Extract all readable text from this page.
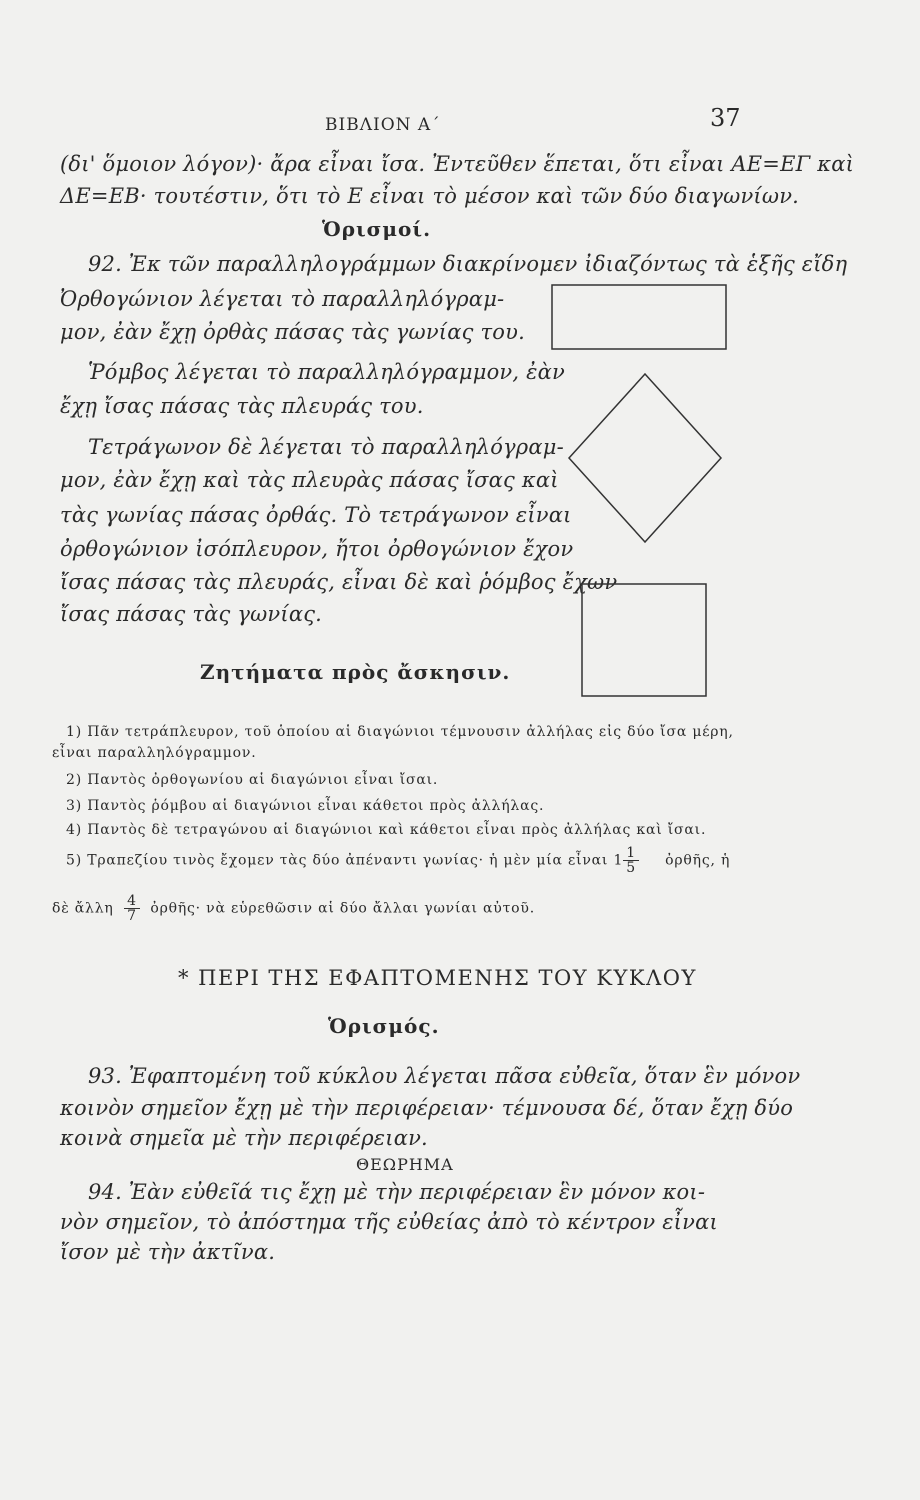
ΒΙΒΛΙΟΝ Α΄	37
(δι' ὅμοιον λόγον)· ἄρα εἶναι ἴσα. Ἐντεῦθεν ἕπεται, ὅτι εἶναι ΑΕ=ΕΓ καὶ
ΔΕ=ΕΒ· τουτέστιν, ὅτι τὸ Ε εἶναι τὸ μέσον καὶ τῶν δύο διαγωνίων.
Ὁρισμοί.
92. Ἐκ τῶν παραλληλογράμμων διακρίνομεν ἰδιαζόντως τὰ ἑξῆς εἴδη
Ὀρθογώνιον λέγεται τὸ παραλληλόγραμ-
μον, ἐὰν ἔχῃ ὀρθὰς πάσας τὰς γωνίας του.
Ῥόμβος λέγεται τὸ παραλληλόγραμμον, ἐὰν
ἔχῃ ἴσας πάσας τὰς πλευράς του.
Τετράγωνον δὲ λέγεται τὸ παραλληλόγραμ-
μον, ἐὰν ἔχῃ καὶ τὰς πλευρὰς πάσας ἴσας καὶ
τὰς γωνίας πάσας ὀρθάς. Τὸ τετράγωνον εἶναι
ὀρθογώνιον ἰσόπλευρον, ἤτοι ὀρθογώνιον ἔχον
ἴσας πάσας τὰς πλευράς, εἶναι δὲ καὶ ῥόμβος ἔχων
ἴσας πάσας τὰς γωνίας.
Ζητήματα πρὸς ἄσκησιν.
1) Πᾶν τετράπλευρον, τοῦ ὁποίου αἱ διαγώνιοι τέμνουσιν ἀλλήλας εἰς δύο ἴσα μέρη,
εἶναι παραλληλόγραμμον.
2) Παντὸς ὀρθογωνίου αἱ διαγώνιοι εἶναι ἴσαι.
3) Παντὸς ῥόμβου αἱ διαγώνιοι εἶναι κάθετοι πρὸς ἀλλήλας.
4) Παντὸς δὲ τετραγώνου αἱ διαγώνιοι καὶ κάθετοι εἶναι πρὸς ἀλλήλας καὶ ἴσαι.
5) Τραπεζίου τινὸς ἔχομεν τὰς δύο ἀπέναντι γωνίας· ἡ μὲν μία εἶναι $1 \frac{1}{5}$ ὀρθῆς, ἡ
δὲ ἄλλη $\frac{4}{7}$ ὀρθῆς· νὰ εὑρεθῶσιν αἱ δύο ἄλλαι γωνίαι αὐτοῦ.
* ΠΕΡΙ ΤΗΣ ΕΦΑΠΤΟΜΕΝΗΣ ΤΟΥ ΚΥΚΛΟΥ
Ὁρισμός.
93. Ἐφαπτομένη τοῦ κύκλου λέγεται πᾶσα εὐθεῖα, ὅταν ἓν μόνον
κοινὸν σημεῖον ἔχῃ μὲ τὴν περιφέρειαν· τέμνουσα δέ, ὅταν ἔχῃ δύο
κοινὰ σημεῖα μὲ τὴν περιφέρειαν.
ΘΕΩΡΗΜΑ
94. Ἐὰν εὐθεῖά τις ἔχῃ μὲ τὴν περιφέρειαν ἓν μόνον κοι-
νὸν σημεῖον, τὸ ἀπόστημα τῆς εὐθείας ἀπὸ τὸ κέντρον εἶναι
ἴσον μὲ τὴν ἀκτῖνα.
